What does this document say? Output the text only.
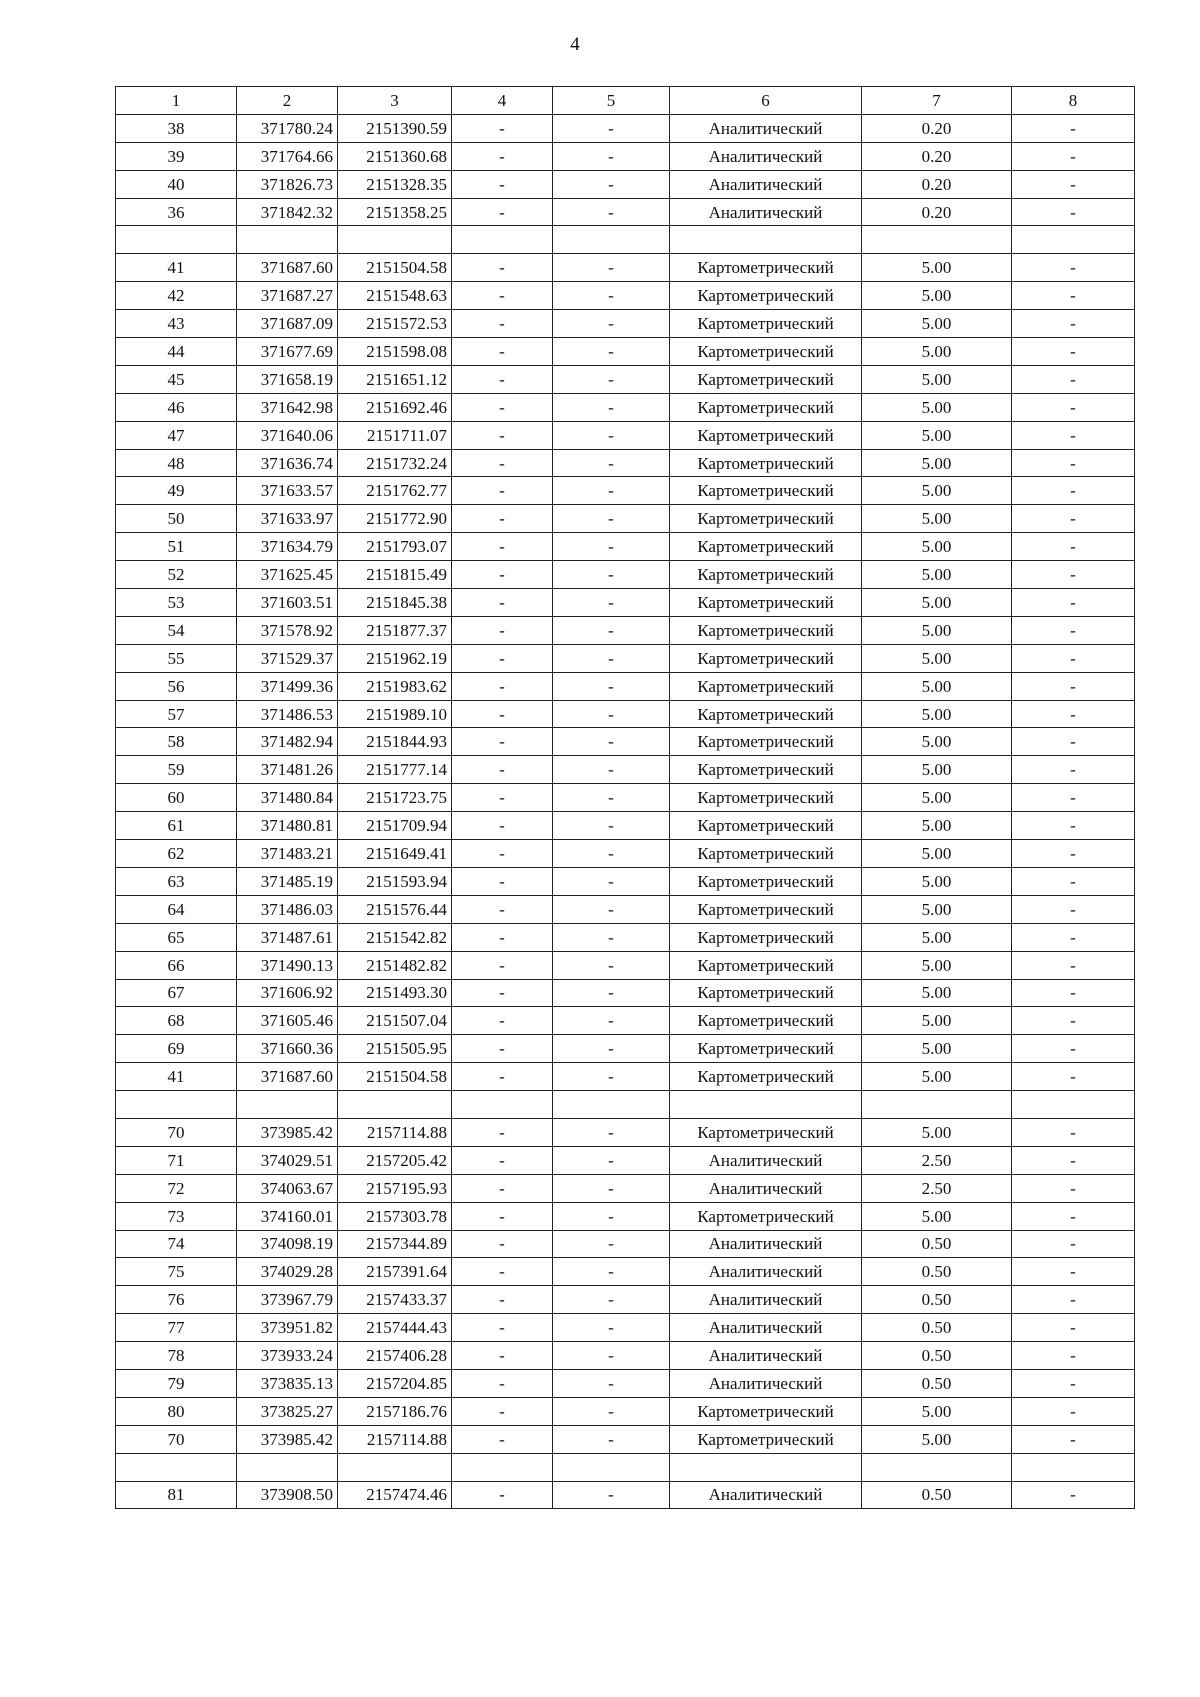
4
1	2	3	4	5	6	7	8
38	371780.24	2151390.59	-	-	Аналитический	0.20	-
39	371764.66	2151360.68	-	-	Аналитический	0.20	-
40	371826.73	2151328.35	-	-	Аналитический	0.20	-
36	371842.32	2151358.25	-	-	Аналитический	0.20	-

41	371687.60	2151504.58	-	-	Картометрический	5.00	-
42	371687.27	2151548.63	-	-	Картометрический	5.00	-
43	371687.09	2151572.53	-	-	Картометрический	5.00	-
44	371677.69	2151598.08	-	-	Картометрический	5.00	-
45	371658.19	2151651.12	-	-	Картометрический	5.00	-
46	371642.98	2151692.46	-	-	Картометрический	5.00	-
47	371640.06	2151711.07	-	-	Картометрический	5.00	-
48	371636.74	2151732.24	-	-	Картометрический	5.00	-
49	371633.57	2151762.77	-	-	Картометрический	5.00	-
50	371633.97	2151772.90	-	-	Картометрический	5.00	-
51	371634.79	2151793.07	-	-	Картометрический	5.00	-
52	371625.45	2151815.49	-	-	Картометрический	5.00	-
53	371603.51	2151845.38	-	-	Картометрический	5.00	-
54	371578.92	2151877.37	-	-	Картометрический	5.00	-
55	371529.37	2151962.19	-	-	Картометрический	5.00	-
56	371499.36	2151983.62	-	-	Картометрический	5.00	-
57	371486.53	2151989.10	-	-	Картометрический	5.00	-
58	371482.94	2151844.93	-	-	Картометрический	5.00	-
59	371481.26	2151777.14	-	-	Картометрический	5.00	-
60	371480.84	2151723.75	-	-	Картометрический	5.00	-
61	371480.81	2151709.94	-	-	Картометрический	5.00	-
62	371483.21	2151649.41	-	-	Картометрический	5.00	-
63	371485.19	2151593.94	-	-	Картометрический	5.00	-
64	371486.03	2151576.44	-	-	Картометрический	5.00	-
65	371487.61	2151542.82	-	-	Картометрический	5.00	-
66	371490.13	2151482.82	-	-	Картометрический	5.00	-
67	371606.92	2151493.30	-	-	Картометрический	5.00	-
68	371605.46	2151507.04	-	-	Картометрический	5.00	-
69	371660.36	2151505.95	-	-	Картометрический	5.00	-
41	371687.60	2151504.58	-	-	Картометрический	5.00	-

70	373985.42	2157114.88	-	-	Картометрический	5.00	-
71	374029.51	2157205.42	-	-	Аналитический	2.50	-
72	374063.67	2157195.93	-	-	Аналитический	2.50	-
73	374160.01	2157303.78	-	-	Картометрический	5.00	-
74	374098.19	2157344.89	-	-	Аналитический	0.50	-
75	374029.28	2157391.64	-	-	Аналитический	0.50	-
76	373967.79	2157433.37	-	-	Аналитический	0.50	-
77	373951.82	2157444.43	-	-	Аналитический	0.50	-
78	373933.24	2157406.28	-	-	Аналитический	0.50	-
79	373835.13	2157204.85	-	-	Аналитический	0.50	-
80	373825.27	2157186.76	-	-	Картометрический	5.00	-
70	373985.42	2157114.88	-	-	Картометрический	5.00	-

81	373908.50	2157474.46	-	-	Аналитический	0.50	-
